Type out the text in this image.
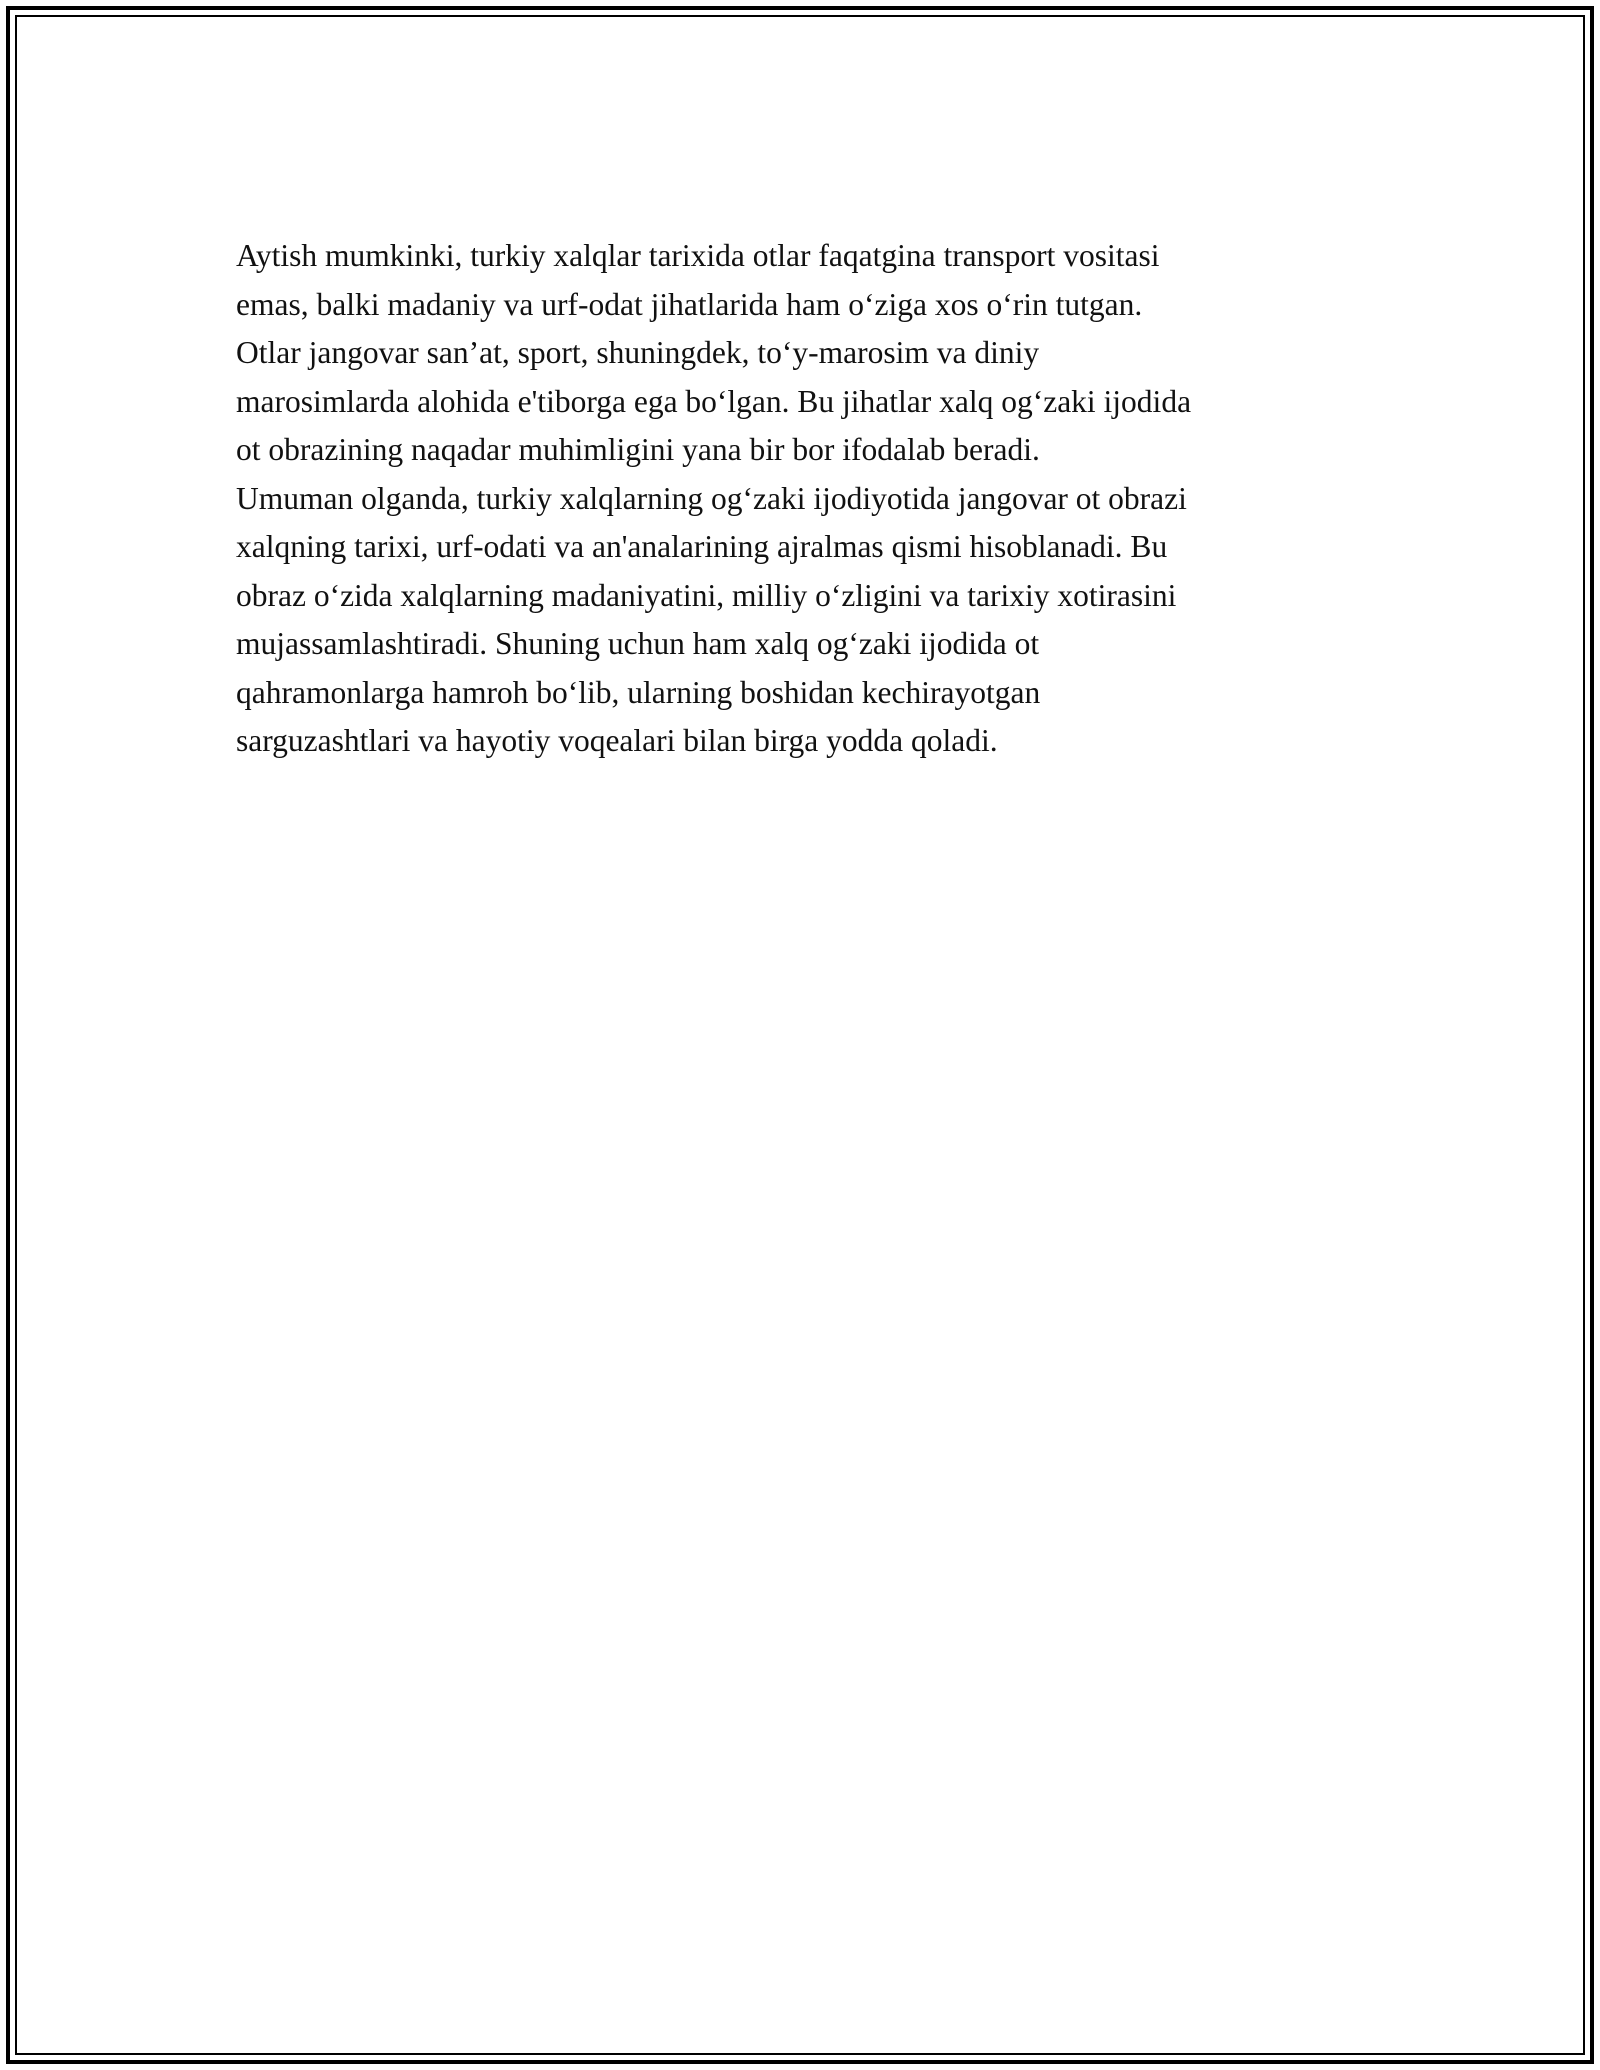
Aytish mumkinki, turkiy xalqlar tarixida otlar faqatgina transport vositasi
emas, balki madaniy va urf-odat jihatlarida ham o‘ziga xos o‘rin tutgan.
Otlar jangovar san’at, sport, shuningdek, to‘y-marosim va diniy
marosimlarda alohida e'tiborga ega bo‘lgan. Bu jihatlar xalq og‘zaki ijodida
ot obrazining naqadar muhimligini yana bir bor ifodalab beradi.

Umuman olganda, turkiy xalqlarning og‘zaki ijodiyotida jangovar ot obrazi
xalqning tarixi, urf-odati va an'analarining ajralmas qismi hisoblanadi. Bu
obraz o‘zida xalqlarning madaniyatini, milliy o‘zligini va tarixiy xotirasini
mujassamlashtiradi. Shuning uchun ham xalq og‘zaki ijodida ot
qahramonlarga hamroh bo‘lib, ularning boshidan kechirayotgan
sarguzashtlari va hayotiy voqealari bilan birga yodda qoladi.
